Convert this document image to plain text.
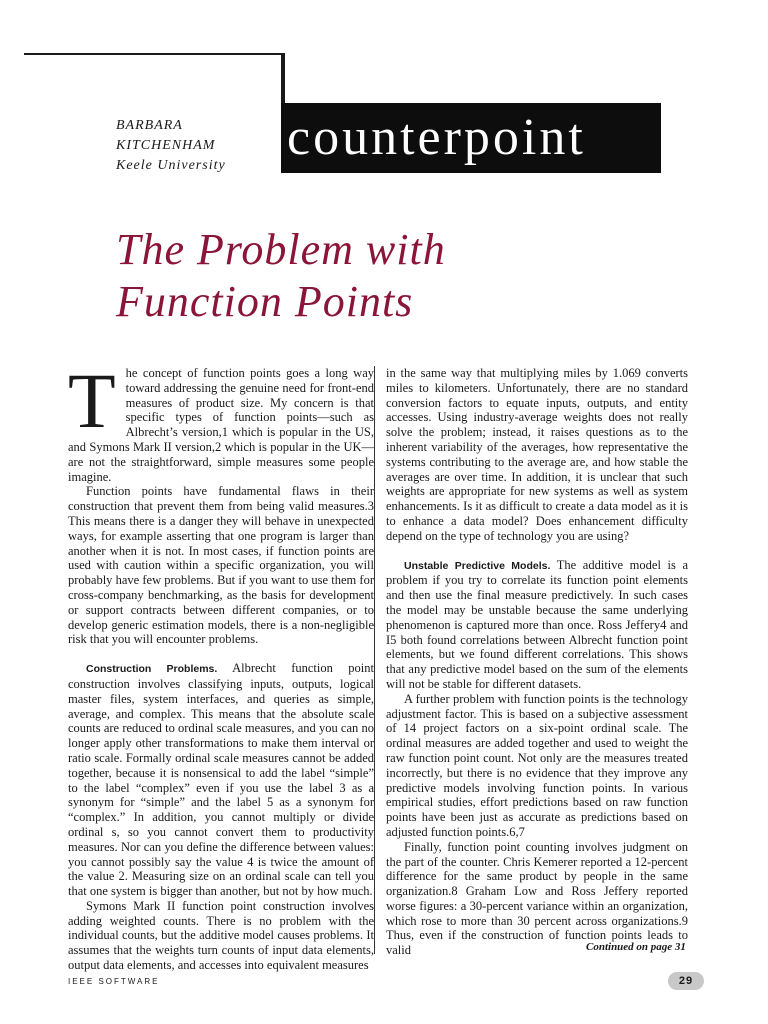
counterpoint
BARBARA
KITCHENHAM
Keele University
The Problem with
Function Points

The concept of function points goes a long way toward addressing the genuine need for front-end measures of product size. My concern is that specific types of function points—such as Albrecht’s version,1 which is popular in the US, and Symons Mark II version,2 which is popular in the UK—are not the straightforward, simple measures some people imagine.

Function points have fundamental flaws in their construction that prevent them from being valid measures.3 This means there is a danger they will behave in unexpected ways, for example asserting that one program is larger than another when it is not. In most cases, if function points are used with caution within a specific organization, you will probably have few problems. But if you want to use them for cross-company benchmarking, as the basis for development or support contracts between different companies, or to develop generic estimation models, there is a non-negligible risk that you will encounter problems.

Construction Problems. Albrecht function point construction involves classifying inputs, outputs, logical master files, system interfaces, and queries as simple, average, and complex. This means that the absolute scale counts are reduced to ordinal scale measures, and you can no longer apply other transformations to make them interval or ratio scale. Formally ordinal scale measures cannot be added together, because it is nonsensical to add the label “simple” to the label “complex” even if you use the label 3 as a synonym for “simple” and the label 5 as a synonym for “complex.” In addition, you cannot multiply or divide ordinal s, so you cannot convert them to productivity measures. Nor can you define the difference between values: you cannot possibly say the value 4 is twice the amount of the value 2. Measuring size on an ordinal scale can tell you that one system is bigger than another, but not by how much.

Symons Mark II function point construction involves adding weighted counts. There is no problem with the individual counts, but the additive model causes problems. It assumes that the weights turn counts of input data elements, output data elements, and accesses into equivalent measures

in the same way that multiplying miles by 1.069 converts miles to kilometers. Unfortunately, there are no standard conversion factors to equate inputs, outputs, and entity accesses. Using industry-average weights does not really solve the problem; instead, it raises questions as to the inherent variability of the averages, how representative the systems contributing to the average are, and how stable the averages are over time. In addition, it is unclear that such weights are appropriate for new systems as well as system enhancements. Is it as difficult to create a data model as it is to enhance a data model? Does enhancement difficulty depend on the type of technology you are using?

Unstable Predictive Models. The additive model is a problem if you try to correlate its function point elements and then use the final measure predictively. In such cases the model may be unstable because the same underlying phenomenon is captured more than once. Ross Jeffery4 and I5 both found correlations between Albrecht function point elements, but we found different correlations. This shows that any predictive model based on the sum of the elements will not be stable for different datasets.

A further problem with function points is the technology adjustment factor. This is based on a subjective assessment of 14 project factors on a six-point ordinal scale. The ordinal measures are added together and used to weight the raw function point count. Not only are the measures treated incorrectly, but there is no evidence that they improve any predictive models involving function points. In various empirical studies, effort predictions based on raw function points have been just as accurate as predictions based on adjusted function points.6,7

Finally, function point counting involves judgment on the part of the counter. Chris Kemerer reported a 12-percent difference for the same product by people in the same organization.8 Graham Low and Ross Jeffery reported worse figures: a 30-percent variance within an organization, which rose to more than 30 percent across organizations.9 Thus, even if the construction of function points leads to valid	Continued on page 31
IEEE SOFTWARE	29
